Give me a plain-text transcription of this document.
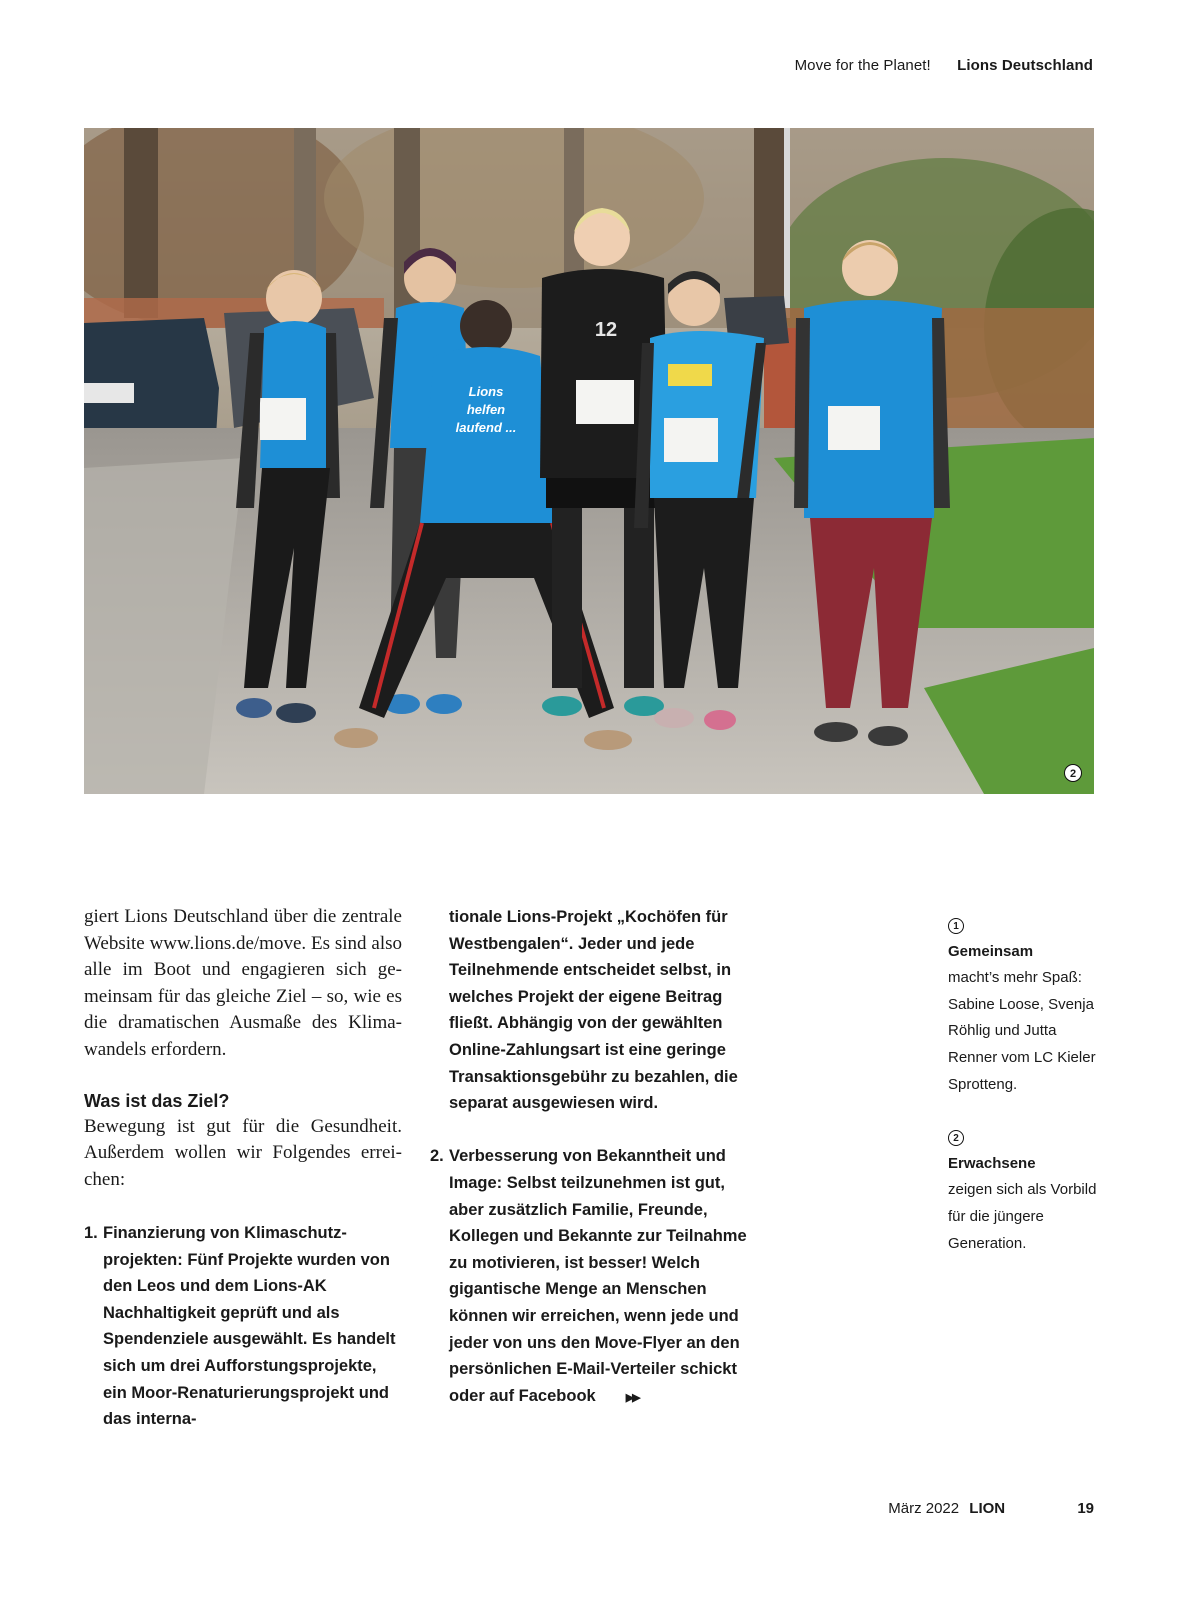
Move for the Planet! Lions Deutschland
Lions
helfen
laufend ...
12
2

giert Lions Deutschland über die zentrale Website www.lions.de/move. Es sind also alle im Boot und engagieren sich gemeinsam für das gleiche Ziel – so, wie es die dramatischen Ausmaße des Klimawandels erfordern.

Was ist das Ziel?

Bewegung ist gut für die Gesundheit. Außerdem wollen wir Folgendes erreichen:

1. Finanzierung von Klimaschutzprojekten: Fünf Projekte wurden von den Leos und dem Lions-AK Nachhaltigkeit geprüft und als Spendenziele ausgewählt. Es handelt sich um drei Aufforstungsprojekte, ein Moor-Renaturierungsprojekt und das interna-
tionale Lions-Projekt „Kochöfen für Westbengalen“. Jeder und jede Teilnehmende entscheidet selbst, in welches Projekt der eigene Beitrag fließt. Abhängig von der gewählten Online-Zahlungsart ist eine geringe Transaktionsgebühr zu bezahlen, die separat ausgewiesen wird.
2. Verbesserung von Bekanntheit und Image: Selbst teilzunehmen ist gut, aber zusätzlich Familie, Freunde, Kollegen und Bekannte zur Teilnahme zu motivieren, ist besser! Welch gigantische Menge an Menschen können wir erreichen, wenn jede und jeder von uns den Move-Flyer an den persönlichen E-Mail-Verteiler schickt oder auf Facebook	▶▶
1
Gemeinsam
macht’s mehr Spaß: Sabine Loose, Svenja Röhlig und Jutta Renner vom LC Kieler Sprotteng.
2
Erwachsene
zeigen sich als Vorbild für die jüngere Generation.
März 2022 LION	19
